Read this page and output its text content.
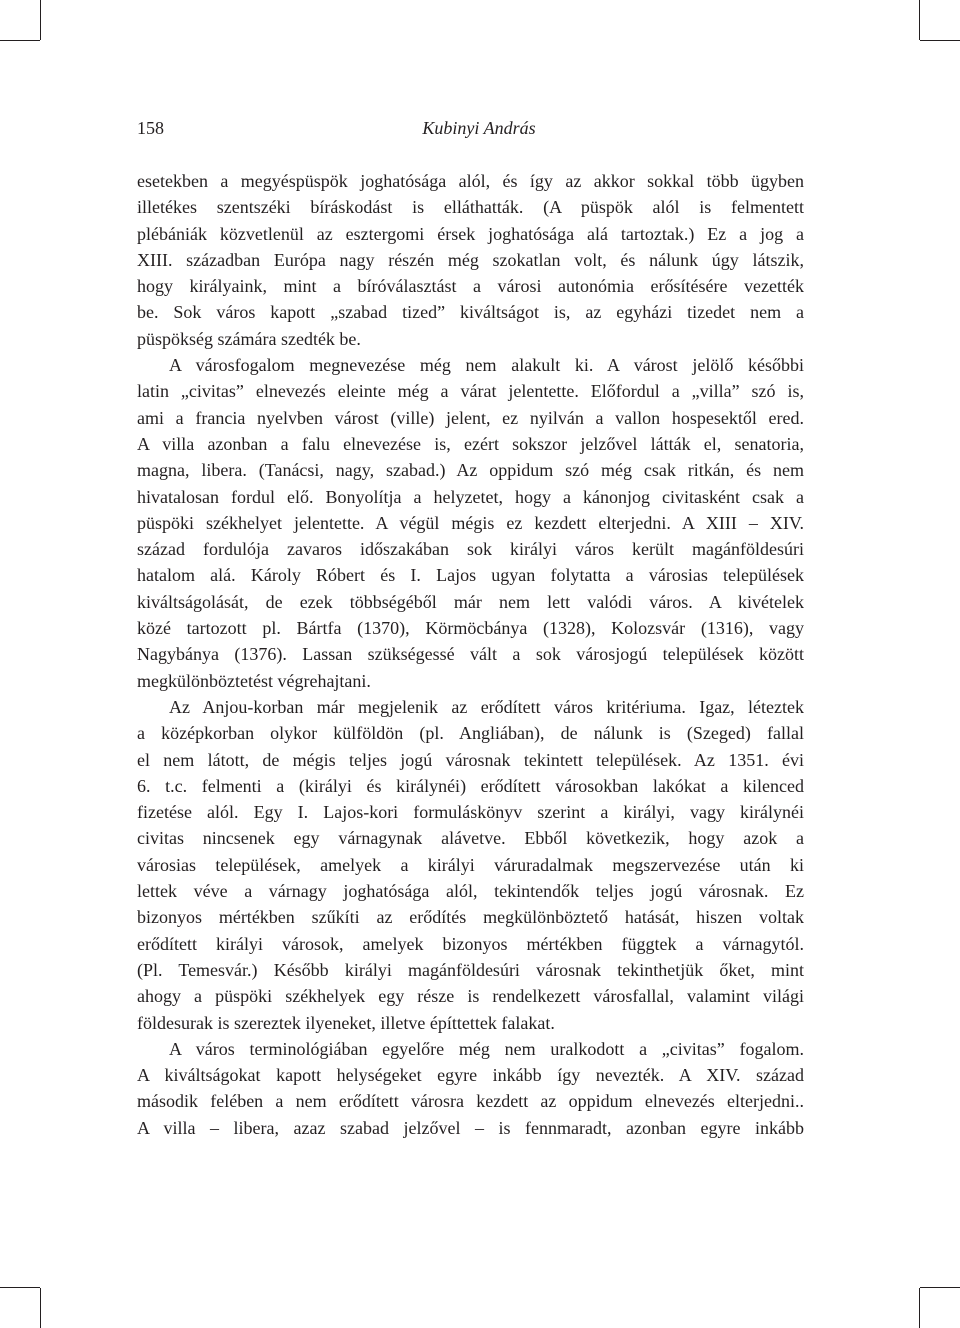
158	Kubinyi András
esetekben a megyéspüspök joghatósága alól, és így az akkor sokkal több ügyben
illetékes szentszéki bíráskodást is elláthatták. (A püspök alól is felmentett
plébániák közvetlenül az esztergomi érsek joghatósága alá tartoztak.) Ez a jog a
XIII. században Európa nagy részén még szokatlan volt, és nálunk úgy látszik,
hogy királyaink, mint a bíróválasztást a városi autonómia erősítésére vezették
be. Sok város kapott „szabad tized” kiváltságot is, az egyházi tizedet nem a
püspökség számára szedték be.
A városfogalom megnevezése még nem alakult ki. A várost jelölő későbbi
latin „civitas” elnevezés eleinte még a várat jelentette. Előfordul a „villa” szó is,
ami a francia nyelvben várost (ville) jelent, ez nyilván a vallon hospesektől ered.
A villa azonban a falu elnevezése is, ezért sokszor jelzővel látták el, senatoria,
magna, libera. (Tanácsi, nagy, szabad.) Az oppidum szó még csak ritkán, és nem
hivatalosan fordul elő. Bonyolítja a helyzetet, hogy a kánonjog civitasként csak a
püspöki székhelyet jelentette. A végül mégis ez kezdett elterjedni. A XIII – XIV.
század fordulója zavaros időszakában sok királyi város került magánföldesúri
hatalom alá. Károly Róbert és I. Lajos ugyan folytatta a városias települések
kiváltságolását, de ezek többségéből már nem lett valódi város. A kivételek
közé tartozott pl. Bártfa (1370), Körmöcbánya (1328), Kolozsvár (1316), vagy
Nagybánya (1376). Lassan szükségessé vált a sok városjogú települések között
megkülönböztetést végrehajtani.
Az Anjou-korban már megjelenik az erődített város kritériuma. Igaz, léteztek
a középkorban olykor külföldön (pl. Angliában), de nálunk is (Szeged) fallal
el nem látott, de mégis teljes jogú városnak tekintett települések. Az 1351. évi
6. t.c. felmenti a (királyi és királynéi) erődített városokban lakókat a kilenced
fizetése alól. Egy I. Lajos-kori formuláskönyv szerint a királyi, vagy királynéi
civitas nincsenek egy várnagynak alávetve. Ebből következik, hogy azok a
városias települések, amelyek a királyi váruradalmak megszervezése után ki
lettek véve a várnagy joghatósága alól, tekintendők teljes jogú városnak. Ez
bizonyos mértékben szűkíti az erődítés megkülönböztető hatását, hiszen voltak
erődített királyi városok, amelyek bizonyos mértékben függtek a várnagytól.
(Pl. Temesvár.) Később királyi magánföldesúri városnak tekinthetjük őket, mint
ahogy a püspöki székhelyek egy része is rendelkezett városfallal, valamint világi
földesurak is szereztek ilyeneket, illetve építtettek falakat.
A város terminológiában egyelőre még nem uralkodott a „civitas” fogalom.
A kiváltságokat kapott helységeket egyre inkább így nevezték. A XIV. század
második felében a nem erődített városra kezdett az oppidum elnevezés elterjedni..
A villa – libera, azaz szabad jelzővel – is fennmaradt, azonban egyre inkább
